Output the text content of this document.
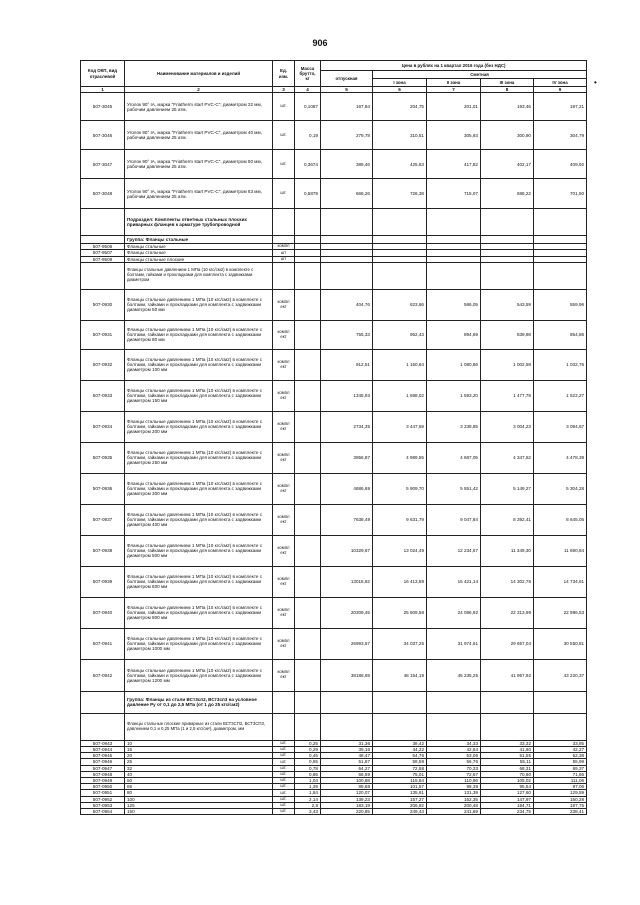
906
•
Код ОКП, вид отраслевой	Наименование материалов и изделий	Ед. изм.	Масса брутто, кг	Цена в рублях на 1 квартал 2016 года (без НДС)				
				отпускная	Сметная			
					I зона	II зона	III зона	IV зона
1	2	3	4	5	6	7	8	9
507-3045	Уголок 90° IA, марка "Friatherm start PVC-C", диаметром 32 мм, рабочим давлением 25 атм.	шт.	0,1087	167,84	204,75	201,01	193,46	197,21
507-3046	Уголок 90° IA, марка "Friatherm start PVC-C", диаметром 40 мм, рабочим давлением 25 атм.	шт.	0,19	279,78	310,51	305,93	300,90	304,79
507-3047	Уголок 90° IA, марка "Friatherm start PVC-C", диаметром 50 мм, рабочим давлением 25 атм.	шт.	0,3674	389,46	425,63	417,82	402,17	409,92
507-3048	Уголок 90° IA, марка "Friatherm start PVC-C", диаметром 63 мм, рабочим давлением 25 атм.	шт.	0,5879	668,26	726,38	715,07	688,22	701,50
	Подраздел: Комплекты ответных стальных плоских приварных фланцев к арматуре трубопроводной							
	Группа: Фланцы стальные							
507-9506	Фланцы стальные	компл						
507-9507	Фланцы стальные	шт						
507-9508	Фланцы стальные плоские	шт						
	Фланцы стальные давлением 1 МПа (10 кгс/см2) в комплекте с болтами, гайками и прокладками для комплекта с задвижками диаметром							
507-0930	Фланцы стальные давлением 1 МПа (10 кгс/см2) в комплекте с болтами, гайками и прокладками для комплекта с задвижками диаметром 50 мм	компл ект		404,76	623,66	586,05	543,59	559,96
507-0931	Фланцы стальные давлением 1 МПа (10 кгс/см2) в комплекте с болтами, гайками и прокладками для комплекта с задвижками диаметром 80 мм	компл ект		755,33	952,43	894,69	839,98	854,86
507-0932	Фланцы стальные давлением 1 МПа (10 кгс/см2) в комплекте с болтами, гайками и прокладками для комплекта с задвижками диаметром 100 мм	компл ект		912,51	1 150,64	1 080,86	1 002,58	1 032,76
507-0933	Фланцы стальные давлением 1 МПа (10 кгс/см2) в комплекте с болтами, гайками и прокладками для комплекта с задвижками диаметром 150 мм	компл ект		1345,93	1 698,02	1 593,20	1 477,78	1 522,27
507-0934	Фланцы стальные давлением 1 МПа (10 кгс/см2) в комплекте с болтами, гайками и прокладками для комплекта с задвижками диаметром 200 мм	компл ект		2734,35	3 447,69	3 238,85	3 004,23	3 094,67
507-0935	Фланцы стальные давлением 1 МПа (10 кгс/см2) в комплекте с болтами, гайками и прокладками для комплекта с задвижками диаметром 250 мм	компл ект		3956,87	4 989,55	4 687,05	4 347,52	4 478,39
507-0936	Фланцы стальные давлением 1 МПа (10 кгс/см2) в комплекте с болтами, гайками и прокладками для комплекта с задвижками диаметром 300 мм	компл ект		4686,69	5 909,70	5 551,42	5 149,27	5 304,28
507-0937	Фланцы стальные давлением 1 МПа (10 кгс/см2) в комплекте с болтами, гайками и прокладками для комплекта с задвижками диаметром 400 мм	компл ект		7638,49	9 631,79	9 047,84	8 392,41	8 645,05
507-0938	Фланцы стальные давлением 1 МПа (10 кгс/см2) в комплекте с болтами, гайками и прокладками для комплекта с задвижками диаметром 500 мм	компл ект		10329,67	13 024,49	12 234,67	11 349,30	11 690,84
507-0939	Фланцы стальные давлением 1 МПа (10 кгс/см2) в комплекте с болтами, гайками и прокладками для комплекта с задвижками диаметром 600 мм	компл ект		13016,82	16 413,89	15 421,14	14 302,76	14 734,61
507-0940	Фланцы стальные давлением 1 МПа (10 кгс/см2) в комплекте с болтами, гайками и прокладками для комплекта с задвижками диаметром 800 мм	компл ект		20309,45	25 609,58	24 086,92	22 313,99	22 986,53
507-0941	Фланцы стальные давлением 1 МПа (10 кгс/см2) в комплекте с болтами, гайками и прокладками для комплекта с задвижками диаметром 1000 мм	компл ект		26993,57	34 037,25	31 974,61	29 657,04	30 550,81
507-0942	Фланцы стальные давлением 1 МПа (10 кгс/см2) в комплекте с болтами, гайками и прокладками для комплекта с задвижками диаметром 1200 мм	компл ект		38188,69	48 154,19	45 235,25	41 957,92	43 220,37
	Группа: Фланцы из стали ВСт3сп2, ВСт3сп3 на условное давление Ру от 0,1 до 2,5 МПа (от 1 до 25 кгс/см2)							
	Фланцы стальные плоские приварные из стали ВСТ3СП2, ВСТ3СП3, давлением 0,1 и 0,25 МПа (1 и 2,5 кгс/см²), диаметром, мм							
507-0943	10	шт.	0,25	31,36	38,42	34,33	33,32	33,85
507-0944	15	шт.	0,29	39,16	44,22	42,84	41,60	42,27
507-0945	20	шт.	0,45	48,47	54,76	53,06	51,55	52,38
507-0946	25	шт.	0,55	51,87	58,59	56,76	55,11	55,99
507-0947	32	шт.	0,78	64,27	72,58	70,33	68,31	69,37
507-0948	40	шт.	0,85	66,59	75,01	72,67	70,60	71,66
507-0949	50	шт.	1,04	100,88	115,84	110,96	105,02	111,06
507-0950	65	шт.	1,39	89,88	101,57	98,39	95,54	97,06
507-0951	80	шт.	1,84	120,07	135,61	131,39	127,60	129,59
507-0952	100	шт.	2,14	139,23	157,27	152,35	147,97	150,28
507-0953	125	шт.	2,8	183,19	206,92	200,48	194,71	197,75
507-0954	150	шт.	3,43	220,85	249,43	241,69	234,75	238,41
